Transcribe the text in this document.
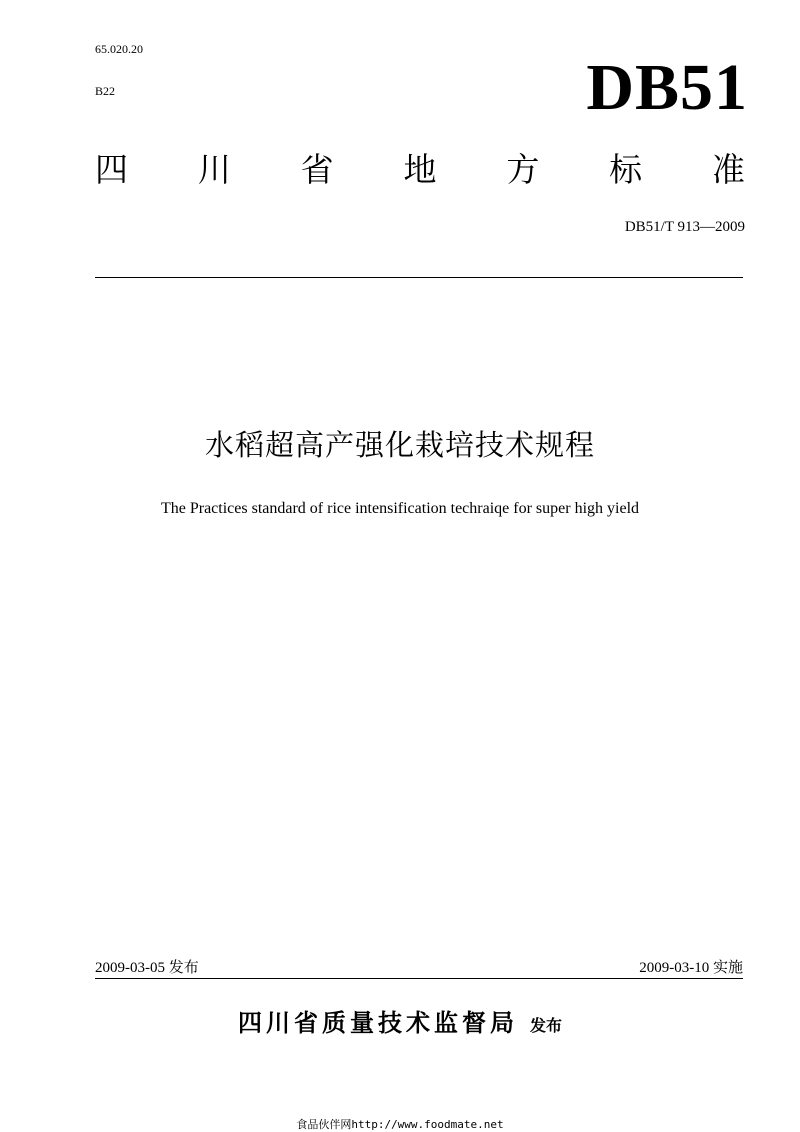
65.020.20
B22	DB51
四 川 省 地 方 标 准
DB51/T 913—2009
水稻超高产强化栽培技术规程
The Practices standard of rice intensification techraiqe for super high yield
2009-03-05 发布	2009-03-10 实施
四川省质量技术监督局 发布
食品伙伴网http://www.foodmate.net
